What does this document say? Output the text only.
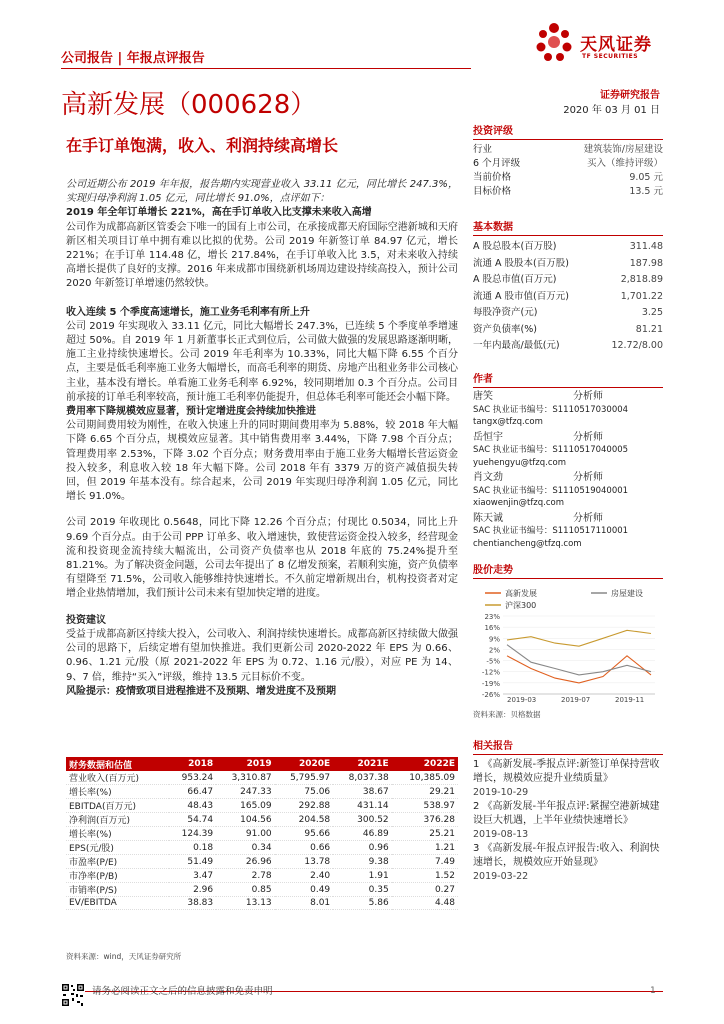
公司报告 | 年报点评报告
天风证券
TF SECURITIES
高新发展（000628）	证券研究报告
2020 年 03 月 01 日
在手订单饱满，收入、利润持续高增长

公司近期公布 2019 年年报，报告期内实现营业收入 33.11 亿元，同比增长 247.3%，实现归母净利润 1.05 亿元，同比增长 91.0%，点评如下：

2019 年全年订单增长 221%，高在手订单收入比支撑未来收入高增

公司作为成都高新区管委会下唯一的国有上市公司，在承接成都天府国际空港新城和天府新区相关项目订单中拥有难以比拟的优势。公司 2019 年新签订单 84.97 亿元，增长 221%；在手订单 114.48 亿，增长 217.84%，在手订单收入比 3.5，对未来收入持续高增长提供了良好的支撑。2016 年来成都市围绕新机场周边建设持续高投入，预计公司 2020 年新签订单增速仍然较快。

收入连续 5 个季度高速增长，施工业务毛利率有所上升

公司 2019 年实现收入 33.11 亿元，同比大幅增长 247.3%，已连续 5 个季度单季增速超过 50%。自 2019 年 1 月新董事长正式到位后，公司做大做强的发展思路逐渐明晰，施工主业持续快速增长。公司 2019 年毛利率为 10.33%，同比大幅下降 6.55 个百分点，主要是低毛利率施工业务大幅增长，而高毛利率的期货、房地产出租业务非公司核心主业，基本没有增长。单看施工业务毛利率 6.92%，较同期增加 0.3 个百分点。公司目前承接的订单毛利率较高，预计施工毛利率仍能提升，但总体毛利率可能还会小幅下降。

费用率下降规模效应显著，预计定增进度会持续加快推进

公司期间费用较为刚性，在收入快速上升的同时期间费用率为 5.88%，较 2018 年大幅下降 6.65 个百分点，规模效应显著。其中销售费用率 3.44%，下降 7.98 个百分点；管理费用率 2.53%，下降 3.02 个百分点；财务费用率由于施工业务大幅增长营运资金投入较多，利息收入较 18 年大幅下降。公司 2018 年有 3379 万的资产减值损失转回，但 2019 年基本没有。综合起来，公司 2019 年实现归母净利润 1.05 亿元，同比增长 91.0%。

公司 2019 年收现比 0.5648，同比下降 12.26 个百分点；付现比 0.5034，同比上升 9.69 个百分点。由于公司 PPP 订单多、收入增速快，致使营运资金投入较多，经营现金流和投资现金流持续大幅流出，公司资产负债率也从 2018 年底的 75.24%提升至 81.21%。为了解决资金问题，公司去年提出了 8 亿增发预案，若顺利实施，资产负债率有望降至 71.5%，公司收入能够维持快速增长。不久前定增新规出台，机构投资者对定增企业热情增加，我们预计公司未来有望加快定增的进度。

投资建议

受益于成都高新区持续大投入，公司收入、利润持续快速增长。成都高新区持续做大做强公司的思路下，后续定增有望加快推进。我们更新公司 2020-2022 年 EPS 为 0.66、0.96、1.21 元/股（原 2021-2022 年 EPS 为 0.72、1.16 元/股），对应 PE 为 14、9、7 倍，维持“买入”评级，维持 13.5 元目标价不变。

风险提示：疫情致项目进程推进不及预期、增发进度不及预期

财务数据和估值	2018	2019	2020E	2021E	2022E
营业收入(百万元)	953.24	3,310.87	5,795.97	8,037.38	10,385.09
增长率(%)	66.47	247.33	75.06	38.67	29.21
EBITDA(百万元)	48.43	165.09	292.88	431.14	538.97
净利润(百万元)	54.74	104.56	204.58	300.52	376.28
增长率(%)	124.39	91.00	95.66	46.89	25.21
EPS(元/股)	0.18	0.34	0.66	0.96	1.21
市盈率(P/E)	51.49	26.96	13.78	9.38	7.49
市净率(P/B)	3.47	2.78	2.40	1.91	1.52
市销率(P/S)	2.96	0.85	0.49	0.35	0.27
EV/EBITDA	38.83	13.13	8.01	5.86	4.48
资料来源：wind，天风证券研究所
投资评级
行业	建筑装饰/房屋建设
6 个月评级	买入（维持评级）
当前价格	9.05 元
目标价格	13.5 元
基本数据
A 股总股本(百万股)	311.48
流通 A 股股本(百万股)	187.98
A 股总市值(百万元)	2,818.89
流通 A 股市值(百万元)	1,701.22
每股净资产(元)	3.25
资产负债率(%)	81.21
一年内最高/最低(元)	12.72/8.00
作者
唐笑	分析师
SAC 执业证书编号：S1110517030004
tangx@tfzq.com
岳恒宇	分析师
SAC 执业证书编号：S1110517040005
yuehengyu@tfzq.com
肖文劲	分析师
SAC 执业证书编号：S1110519040001
xiaowenjin@tfzq.com
陈天诚	分析师
SAC 执业证书编号：S1110517110001
chentiancheng@tfzq.com
股价走势
高新发展	房屋建设
沪深300
23%
16%
9%
2%
-5%
-12%
-19%
-26%
2019-03	2019-07	2019-11
资料来源：贝格数据
相关报告

1 《高新发展-季报点评:新签订单保持营收增长，规模效应提升业绩质量》

2019-10-29

2 《高新发展-半年报点评:紧握空港新城建设巨大机遇，上半年业绩快速增长》

2019-08-13

3 《高新发展-年报点评报告:收入、利润快速增长，规模效应开始显现》

2019-03-22

请务必阅读正文之后的信息披露和免责申明	1
